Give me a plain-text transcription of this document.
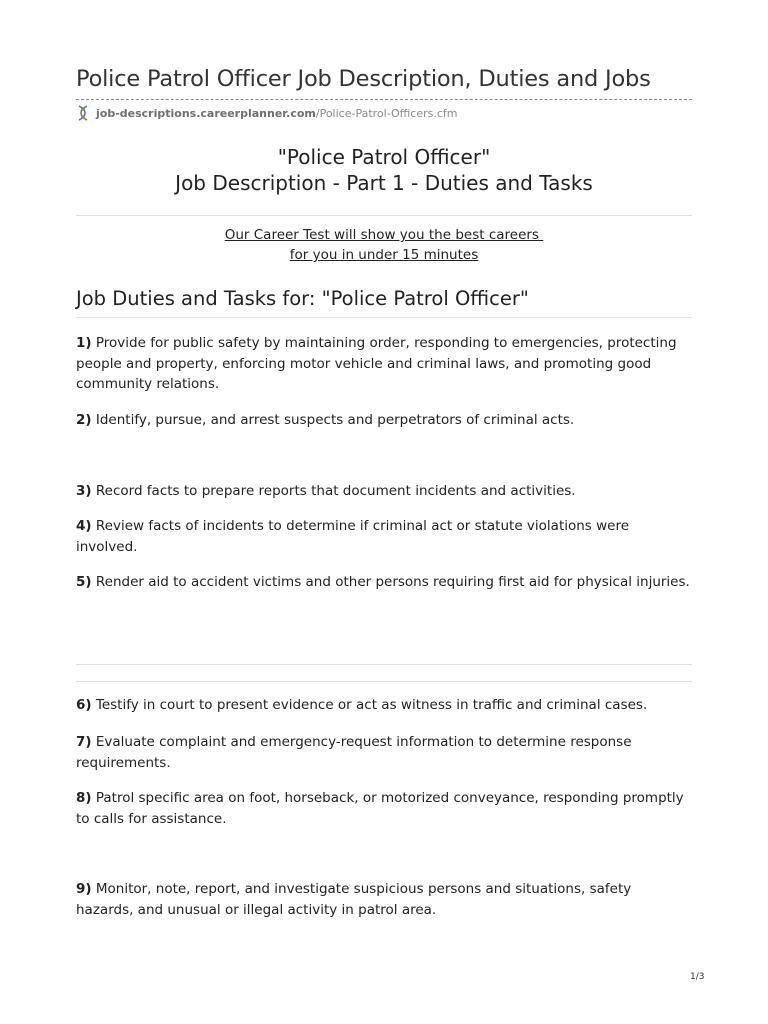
Police Patrol Officer Job Description, Duties and Jobs
job-descriptions.careerplanner.com /Police-Patrol-Officers.cfm
"Police Patrol Officer"
Job Description - Part 1 - Duties and Tasks
Our Career Test will show you the best careers
for you in under 15 minutes
Job Duties and Tasks for: "Police Patrol Officer"

1) Provide for public safety by maintaining order, responding to emergencies, protecting people and property, enforcing motor vehicle and criminal laws, and promoting good community relations.

2) Identify, pursue, and arrest suspects and perpetrators of criminal acts.

3) Record facts to prepare reports that document incidents and activities.

4) Review facts of incidents to determine if criminal act or statute violations were involved.

5) Render aid to accident victims and other persons requiring first aid for physical injuries.

6) Testify in court to present evidence or act as witness in traffic and criminal cases.

7) Evaluate complaint and emergency-request information to determine response requirements.

8) Patrol specific area on foot, horseback, or motorized conveyance, responding promptly to calls for assistance.

9) Monitor, note, report, and investigate suspicious persons and situations, safety hazards, and unusual or illegal activity in patrol area.

1/3
